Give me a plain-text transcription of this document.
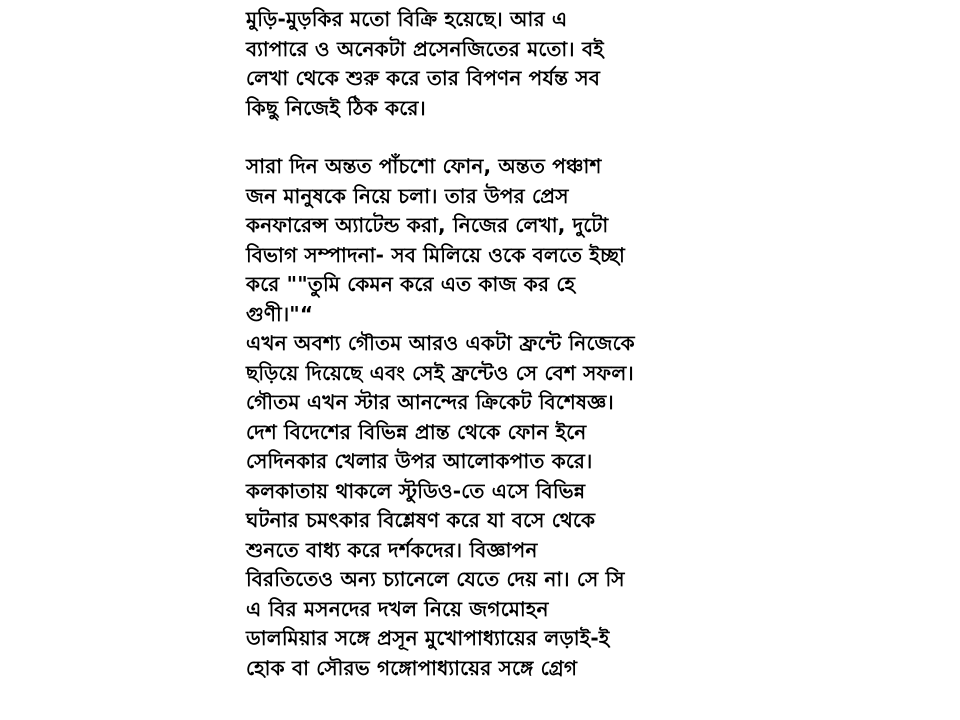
মুড়ি-মুড়কির মতো বিক্রি হয়েছে। আর এ
ব্যাপারে ও অনেকটা প্রসেনজিতের মতো। বই
লেখা থেকে শুরু করে তার বিপণন পর্যন্ত সব
কিছু নিজেই ঠিক করে।
সারা দিন অন্তত পাঁচশো ফোন, অন্তত পঞ্চাশ
জন মানুষকে নিয়ে চলা। তার উপর প্রেস
কনফারেন্স অ্যাটেন্ড করা, নিজের লেখা, দুটো
বিভাগ সম্পাদনা- সব মিলিয়ে ওকে বলতে ইচ্ছা
করে ""তুমি কেমন করে এত কাজ কর হে
গুণী।"“
এখন অবশ্য গৌতম আরও একটা ফ্রন্টে নিজেকে
ছড়িয়ে দিয়েছে এবং সেই ফ্রন্টেও সে বেশ সফল।
গৌতম এখন স্টার আনন্দের ক্রিকেট বিশেষজ্ঞ।
দেশ বিদেশের বিভিন্ন প্রান্ত থেকে ফোন ইনে
সেদিনকার খেলার উপর আলোকপাত করে।
কলকাতায় থাকলে স্টুডিও-তে এসে বিভিন্ন
ঘটনার চমৎকার বিশ্লেষণ করে যা বসে থেকে
শুনতে বাধ্য করে দর্শকদের। বিজ্ঞাপন
বিরতিতেও অন্য চ্যানেলে যেতে দেয় না। সে সি
এ বির মসনদের দখল নিয়ে জগমোহন
ডালমিয়ার সঙ্গে প্রসূন মুখোপাধ্যায়ের লড়াই-ই
হোক বা সৌরভ গঙ্গোপাধ্যায়ের সঙ্গে গ্রেগ
